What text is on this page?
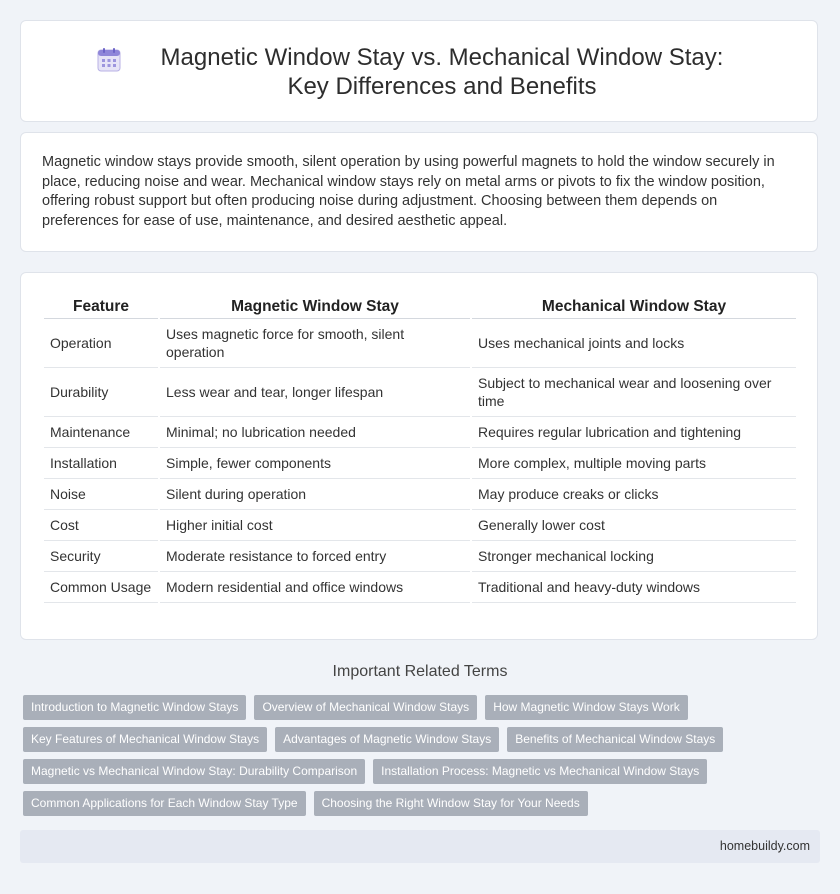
Magnetic Window Stay vs. Mechanical Window Stay: Key Differences and Benefits

Magnetic window stays provide smooth, silent operation by using powerful magnets to hold the window securely in place, reducing noise and wear. Mechanical window stays rely on metal arms or pivots to fix the window position, offering robust support but often producing noise during adjustment. Choosing between them depends on preferences for ease of use, maintenance, and desired aesthetic appeal.

Feature	Magnetic Window Stay	Mechanical Window Stay
Operation	Uses magnetic force for smooth, silent operation	Uses mechanical joints and locks
Durability	Less wear and tear, longer lifespan	Subject to mechanical wear and loosening over time
Maintenance	Minimal; no lubrication needed	Requires regular lubrication and tightening
Installation	Simple, fewer components	More complex, multiple moving parts
Noise	Silent during operation	May produce creaks or clicks
Cost	Higher initial cost	Generally lower cost
Security	Moderate resistance to forced entry	Stronger mechanical locking
Common Usage	Modern residential and office windows	Traditional and heavy-duty windows
Important Related Terms
Introduction to Magnetic Window Stays	Overview of Mechanical Window Stays	How Magnetic Window Stays Work
Key Features of Mechanical Window Stays	Advantages of Magnetic Window Stays	Benefits of Mechanical Window Stays
Magnetic vs Mechanical Window Stay: Durability Comparison	Installation Process: Magnetic vs Mechanical Window Stays
Common Applications for Each Window Stay Type	Choosing the Right Window Stay for Your Needs
homebuildy.com
